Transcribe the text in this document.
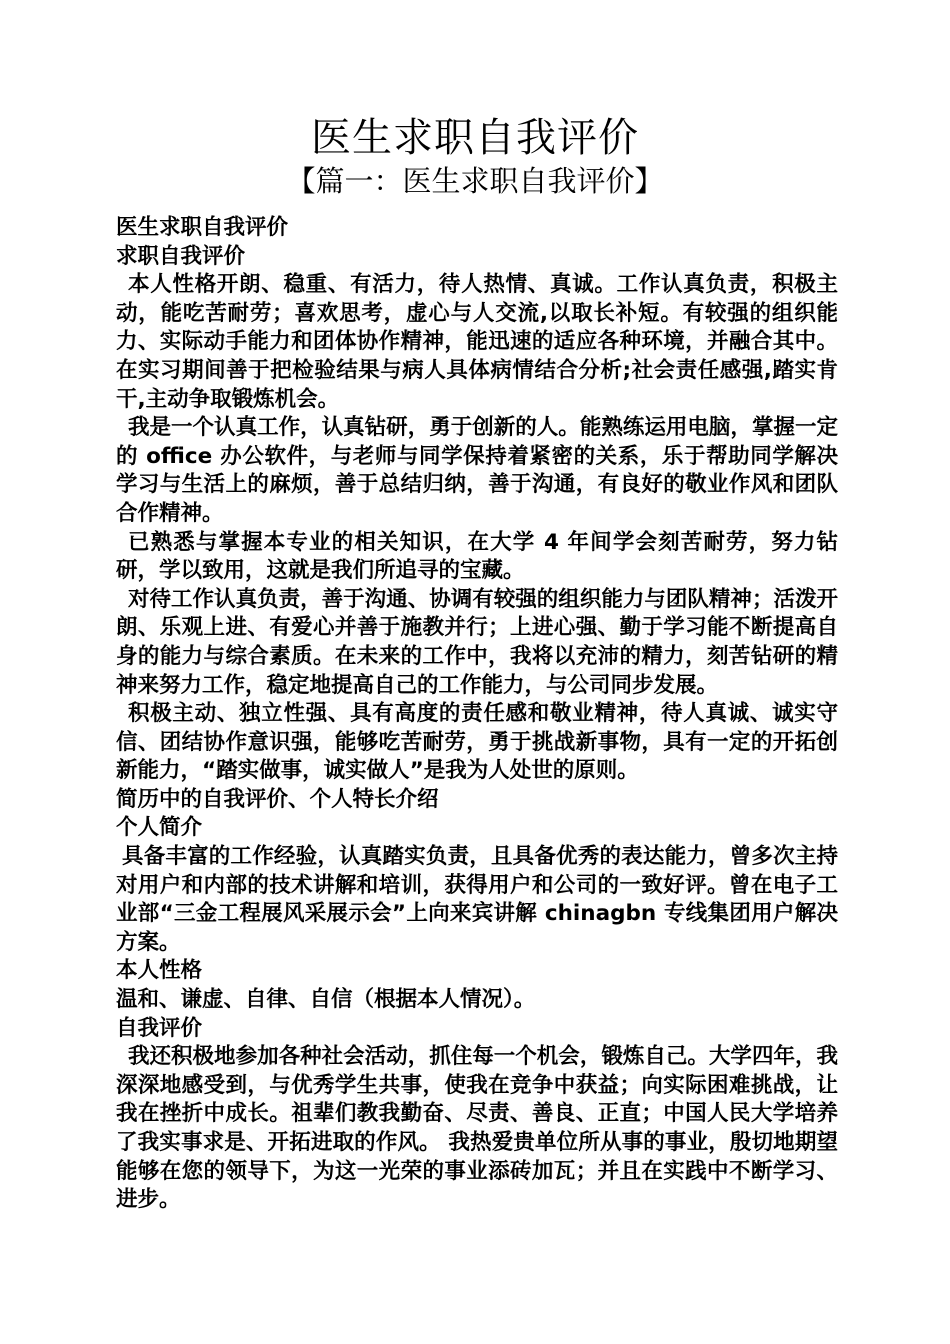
医生求职自我评价
【篇一：医生求职自我评价】

医生求职自我评价

求职自我评价

本人性格开朗、稳重、有活力，待人热情、真诚。工作认真负责，积极主动，能吃苦耐劳；喜欢思考，虚心与人交流,以取长补短。有较强的组织能力、实际动手能力和团体协作精神，能迅速的适应各种环境，并融合其中。在实习期间善于把检验结果与病人具体病情结合分析;社会责任感强,踏实肯干,主动争取锻炼机会。

我是一个认真工作，认真钻研，勇于创新的人。能熟练运用电脑，掌握一定的 office 办公软件，与老师与同学保持着紧密的关系，乐于帮助同学解决学习与生活上的麻烦，善于总结归纳，善于沟通，有良好的敬业作风和团队合作精神。

已熟悉与掌握本专业的相关知识，在大学 4 年间学会刻苦耐劳，努力钻研，学以致用，这就是我们所追寻的宝藏。

对待工作认真负责，善于沟通、协调有较强的组织能力与团队精神；活泼开朗、乐观上进、有爱心并善于施教并行；上进心强、勤于学习能不断提高自身的能力与综合素质。在未来的工作中，我将以充沛的精力，刻苦钻研的精神来努力工作，稳定地提高自己的工作能力，与公司同步发展。

积极主动、独立性强、具有高度的责任感和敬业精神，待人真诚、诚实守信、团结协作意识强，能够吃苦耐劳，勇于挑战新事物，具有一定的开拓创新能力，“踏实做事，诚实做人”是我为人处世的原则。

简历中的自我评价、个人特长介绍

个人简介

具备丰富的工作经验，认真踏实负责，且具备优秀的表达能力，曾多次主持对用户和内部的技术讲解和培训，获得用户和公司的一致好评。曾在电子工业部“三金工程展风采展示会”上向来宾讲解 chinagbn 专线集团用户解决方案。

本人性格

温和、谦虚、自律、自信（根据本人情况）。

自我评价

我还积极地参加各种社会活动，抓住每一个机会，锻炼自己。大学四年，我深深地感受到，与优秀学生共事，使我在竞争中获益；向实际困难挑战，让我在挫折中成长。祖辈们教我勤奋、尽责、善良、正直；中国人民大学培养了我实事求是、开拓进取的作风。 我热爱贵单位所从事的事业，殷切地期望能够在您的领导下，为这一光荣的事业添砖加瓦；并且在实践中不断学习、进步。
